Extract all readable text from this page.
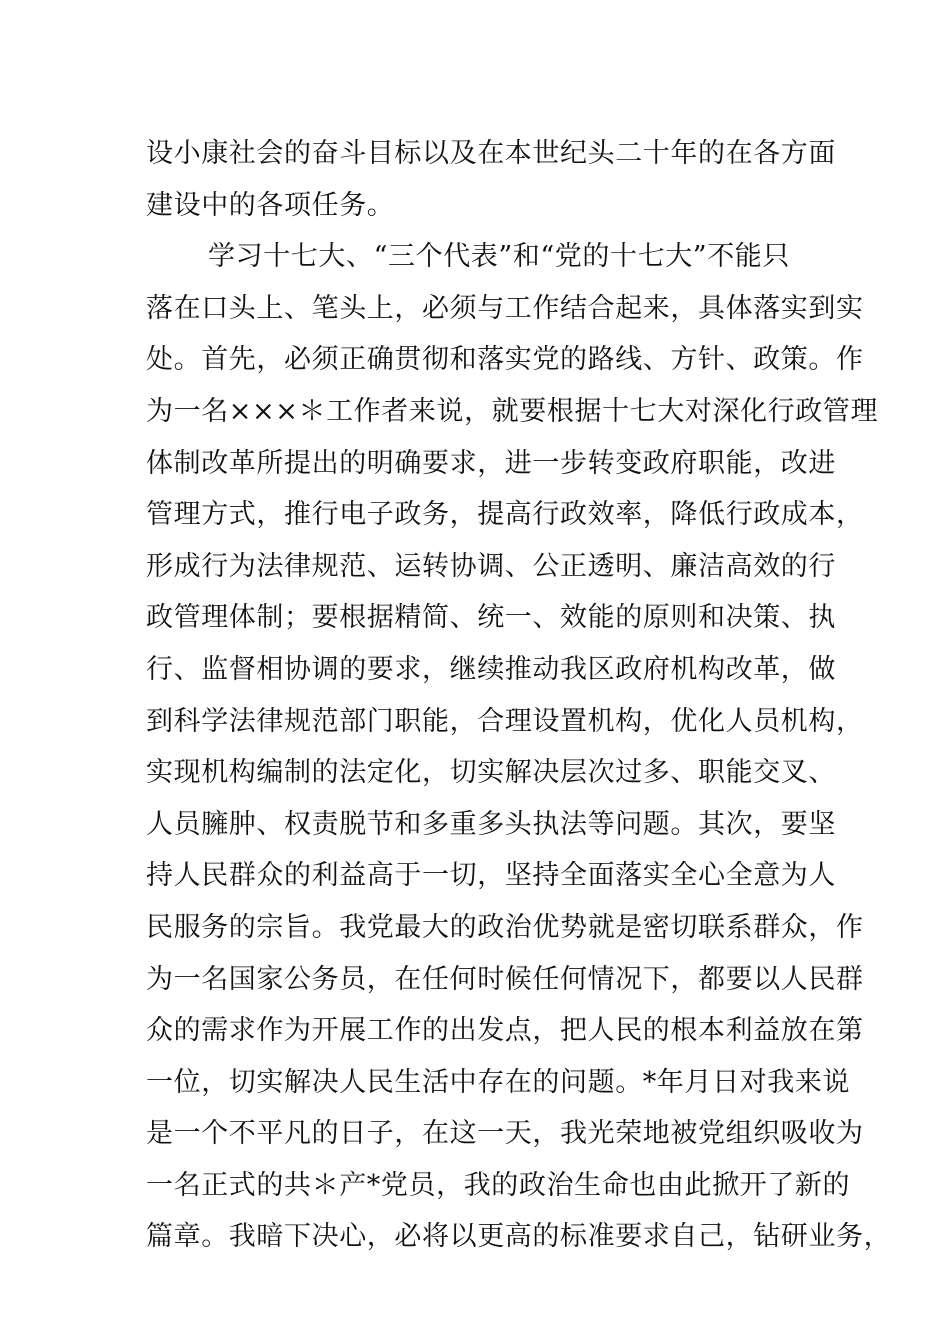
设小康社会的奋斗目标以及在本世纪头二十年的在各方面
建设中的各项任务。
学习十七大、“三个代表”和“党的十七大”不能只
落在口头上、笔头上，必须与工作结合起来，具体落实到实
处。首先，必须正确贯彻和落实党的路线、方针、政策。作
为一名×××＊工作者来说，就要根据十七大对深化行政管理
体制改革所提出的明确要求，进一步转变政府职能，改进
管理方式，推行电子政务，提高行政效率，降低行政成本，
形成行为法律规范、运转协调、公正透明、廉洁高效的行
政管理体制；要根据精简、统一、效能的原则和决策、执
行、监督相协调的要求，继续推动我区政府机构改革，做
到科学法律规范部门职能，合理设置机构，优化人员机构，
实现机构编制的法定化，切实解决层次过多、职能交叉、
人员臃肿、权责脱节和多重多头执法等问题。其次，要坚
持人民群众的利益高于一切，坚持全面落实全心全意为人
民服务的宗旨。我党最大的政治优势就是密切联系群众，作
为一名国家公务员，在任何时候任何情况下，都要以人民群
众的需求作为开展工作的出发点，把人民的根本利益放在第
一位，切实解决人民生活中存在的问题。*年月日对我来说
是一个不平凡的日子，在这一天，我光荣地被党组织吸收为
一名正式的共＊产*党员，我的政治生命也由此掀开了新的
篇章。我暗下决心，必将以更高的标准要求自己，钻研业务，
